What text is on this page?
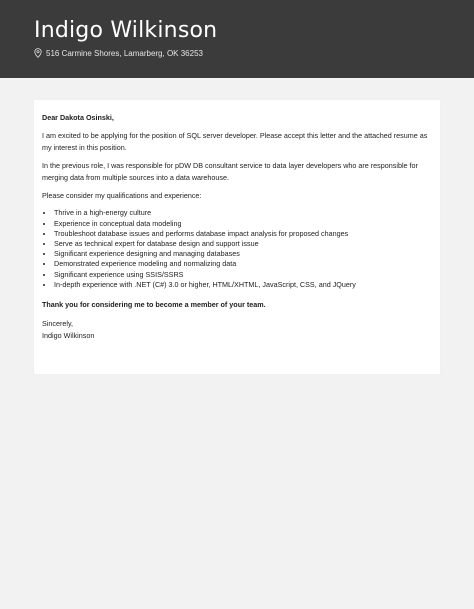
Indigo Wilkinson
516 Carmine Shores, Lamarberg, OK 36253

Dear Dakota Osinski,

I am excited to be applying for the position of SQL server developer. Please accept this letter and the attached resume as my interest in this position.

In the previous role, I was responsible for pDW DB consultant service to data layer developers who are responsible for merging data from multiple sources into a data warehouse.

Please consider my qualifications and experience:

• Thrive in a high-energy culture
• Experience in conceptual data modeling
• Troubleshoot database issues and performs database impact analysis for proposed changes
• Serve as technical expert for database design and support issue
• Significant experience designing and managing databases
• Demonstrated experience modeling and normalizing data
• Significant experience using SSIS/SSRS
• In-depth experience with .NET (C#) 3.0 or higher, HTML/XHTML, JavaScript, CSS, and JQuery

Thank you for considering me to become a member of your team.

Sincerely,

Indigo Wilkinson
